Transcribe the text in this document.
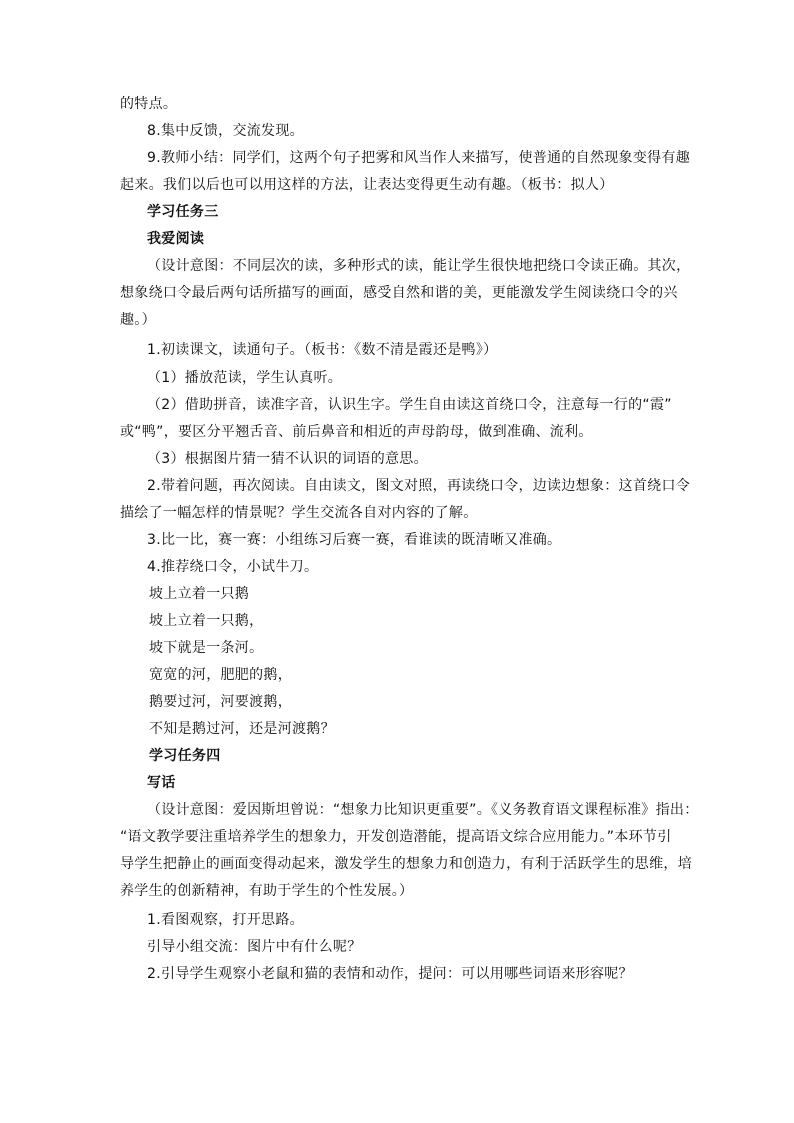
的特点。
8.集中反馈，交流发现。
9.教师小结：同学们，这两个句子把雾和风当作人来描写，使普通的自然现象变得有趣
起来。我们以后也可以用这样的方法，让表达变得更生动有趣。（板书：拟人）
学习任务三
我爱阅读
（设计意图：不同层次的读，多种形式的读，能让学生很快地把绕口令读正确。其次，
想象绕口令最后两句话所描写的画面，感受自然和谐的美，更能激发学生阅读绕口令的兴
趣。）
1.初读课文，读通句子。（板书：《数不清是霞还是鸭》）
（1）播放范读，学生认真听。
（2）借助拼音，读准字音，认识生字。学生自由读这首绕口令，注意每一行的“霞”
或“鸭”，要区分平翘舌音、前后鼻音和相近的声母韵母，做到准确、流利。
（3）根据图片猜一猜不认识的词语的意思。
2.带着问题，再次阅读。自由读文，图文对照，再读绕口令，边读边想象：这首绕口令
描绘了一幅怎样的情景呢？学生交流各自对内容的了解。
3.比一比，赛一赛：小组练习后赛一赛，看谁读的既清晰又准确。
4.推荐绕口令，小试牛刀。
坡上立着一只鹅
坡上立着一只鹅，
坡下就是一条河。
宽宽的河，肥肥的鹅，
鹅要过河，河要渡鹅，
不知是鹅过河，还是河渡鹅？
学习任务四
写话
（设计意图：爱因斯坦曾说：“想象力比知识更重要”。《义务教育语文课程标准》指出：
“语文教学要注重培养学生的想象力，开发创造潜能，提高语文综合应用能力。”本环节引
导学生把静止的画面变得动起来，激发学生的想象力和创造力，有利于活跃学生的思维，培
养学生的创新精神，有助于学生的个性发展。）
1.看图观察，打开思路。
引导小组交流：图片中有什么呢？
2.引导学生观察小老鼠和猫的表情和动作，提问：可以用哪些词语来形容呢？
